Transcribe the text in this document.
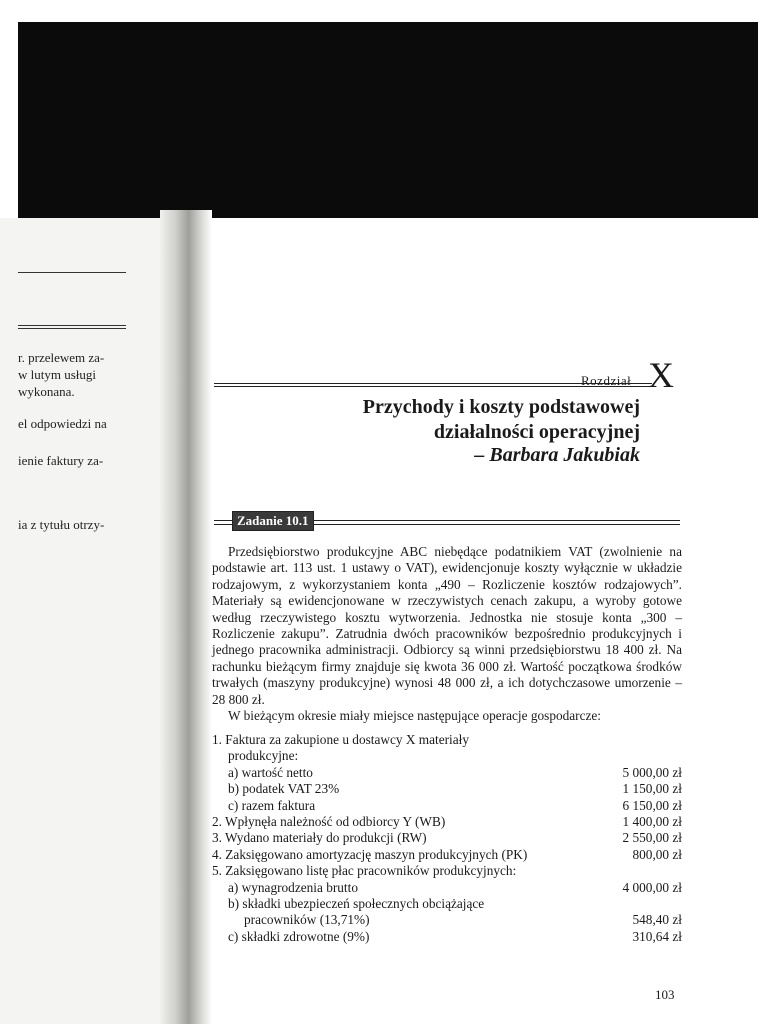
r. przelewem za-
w lutym usługi
wykonana.
el odpowiedzi na
ienie faktury za-
ia z tytułu otrzy-
Rozdział X
Przychody i koszty podstawowej
działalności operacyjnej
– Barbara Jakubiak
Zadanie 10.1

Przedsiębiorstwo produkcyjne ABC niebędące podatnikiem VAT (zwolnienie na podstawie art. 113 ust. 1 ustawy o VAT), ewidencjonuje koszty wyłącznie w układzie rodzajowym, z wykorzystaniem konta „490 – Rozliczenie kosztów rodzajowych”. Materiały są ewidencjonowane w rzeczywistych cenach zakupu, a wyroby gotowe według rzeczywistego kosztu wytworzenia. Jednostka nie stosuje konta „300 – Rozliczenie zakupu”. Zatrudnia dwóch pracowników bezpośrednio produkcyjnych i jednego pracownika administracji. Odbiorcy są winni przedsiębiorstwu 18 400 zł. Na rachunku bieżącym firmy znajduje się kwota 36 000 zł. Wartość początkowa środków trwałych (maszyny produkcyjne) wynosi 48 000 zł, a ich dotychczasowe umorzenie – 28 800 zł.

W bieżącym okresie miały miejsce następujące operacje gospodarcze:

1. Faktura za zakupione u dostawcy X materiały
produkcyjne:
a) wartość netto	5 000,00 zł
b) podatek VAT 23%	1 150,00 zł
c) razem faktura	6 150,00 zł
2. Wpłynęła należność od odbiorcy Y (WB)	1 400,00 zł
3. Wydano materiały do produkcji (RW)	2 550,00 zł
4. Zaksięgowano amortyzację maszyn produkcyjnych (PK)	800,00 zł
5. Zaksięgowano listę płac pracowników produkcyjnych:
a) wynagrodzenia brutto	4 000,00 zł
b) składki ubezpieczeń społecznych obciążające
pracowników (13,71%)	548,40 zł
c) składki zdrowotne (9%)	310,64 zł
103
